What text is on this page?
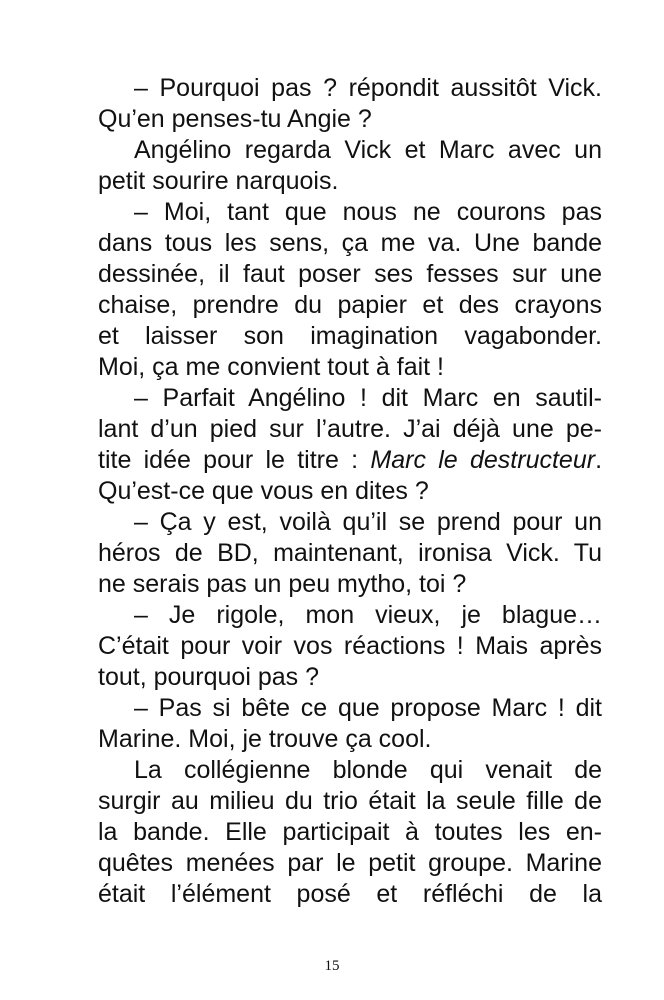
– Pourquoi pas ? répondit aussitôt Vick.
Qu’en penses-tu Angie ?
Angélino regarda Vick et Marc avec un
petit sourire narquois.
– Moi, tant que nous ne courons pas
dans tous les sens, ça me va. Une bande
dessinée, il faut poser ses fesses sur une
chaise, prendre du papier et des crayons
et laisser son imagination vagabonder.
Moi, ça me convient tout à fait !
– Parfait Angélino ! dit Marc en sautil-
lant d’un pied sur l’autre. J’ai déjà une pe-
tite idée pour le titre : Marc le destructeur.
Qu’est-ce que vous en dites ?
– Ça y est, voilà qu’il se prend pour un
héros de BD, maintenant, ironisa Vick. Tu
ne serais pas un peu mytho, toi ?
– Je rigole, mon vieux, je blague…
C’était pour voir vos réactions ! Mais après
tout, pourquoi pas ?
– Pas si bête ce que propose Marc ! dit
Marine. Moi, je trouve ça cool.
La collégienne blonde qui venait de
surgir au milieu du trio était la seule fille de
la bande. Elle participait à toutes les en-
quêtes menées par le petit groupe. Marine
était l’élément posé et réfléchi de la
15
